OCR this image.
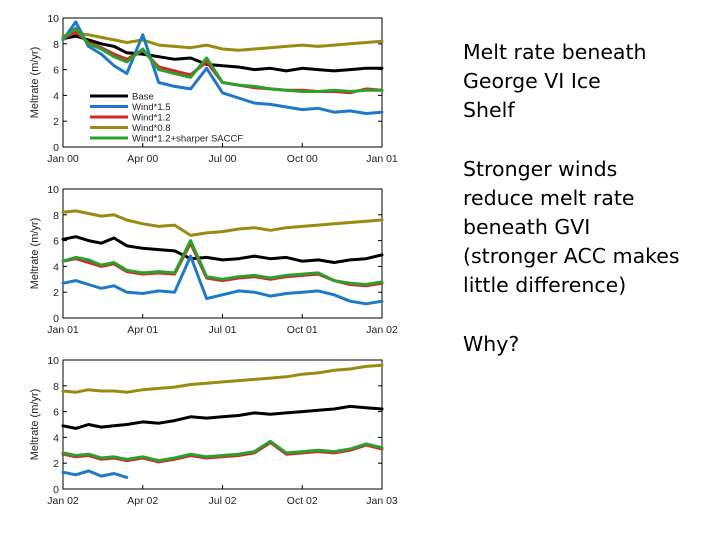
0
2
4
6
8
10
Jan 00	Apr 00	Jul 00	Oct 00	Jan 01
Meltrate (m/yr)	Base
Wind*1.5
Wind*1.2
Wind*0.8
Wind*1.2+sharper SACCF
0
2
4
6
8
10
Jan 01	Apr 01	Jul 01	Oct 01	Jan 02
Meltrate (m/yr)
0
2
4
6
8
10
Jan 02	Apr 02	Jul 02	Oct 02	Jan 03
Meltrate (m/yr)

Melt rate beneath
George VI Ice
Shelf

Stronger winds
reduce melt rate
beneath GVI
(stronger ACC makes
little difference)

Why?
